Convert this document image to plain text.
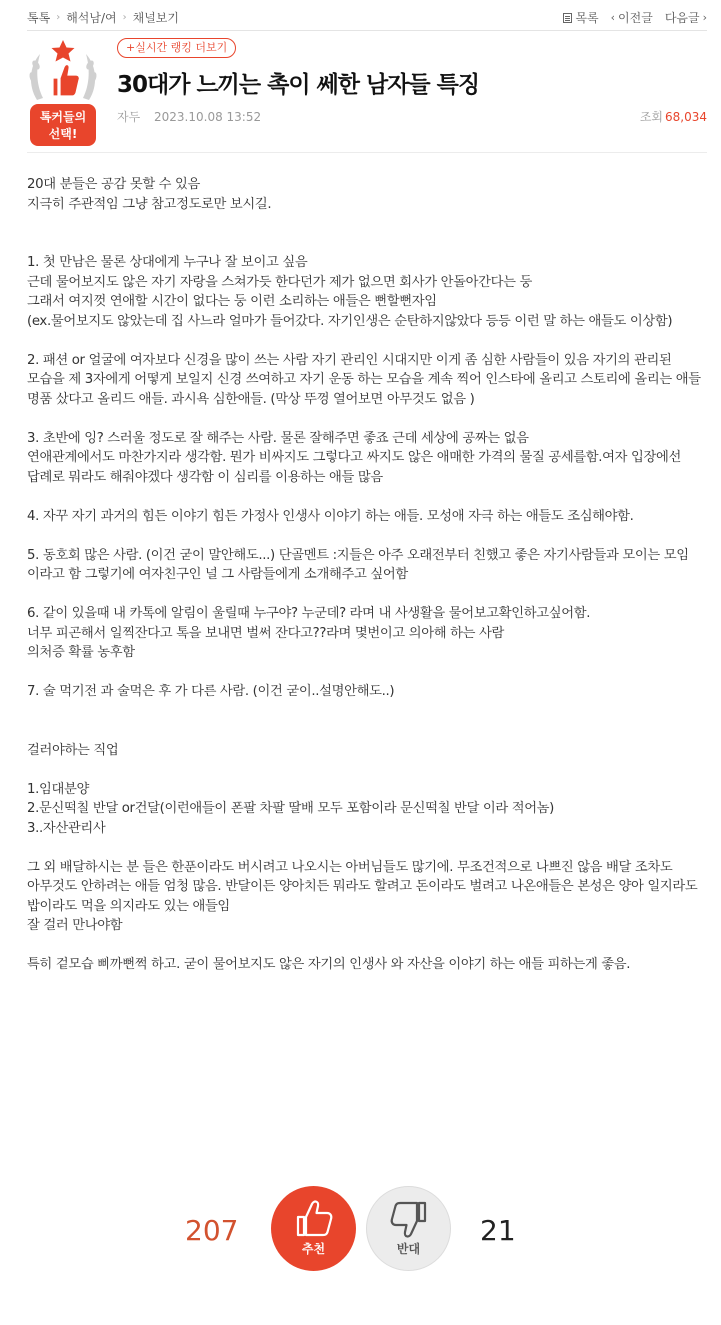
톡톡 › 해석남/여 › 채널보기	목록 ‹ 이전글 다음글 ›
톡커들의
선택!
+실시간 랭킹 더보기
30대가 느끼는 촉이 쎄한 남자들 특징
자두 2023.10.08 13:52	조회 68,034
20대 분들은 공감 못할 수 있음
지극히 주관적임 그냥 참고정도로만 보시길.

1. 첫 만남은 물론 상대에게 누구나 잘 보이고 싶음
근데 물어보지도 않은 자기 자랑을 스쳐가듯 한다던가 제가 없으면 회사가 안돌아간다는 둥
그래서 여지껏 연애할 시간이 없다는 둥 이런 소리하는 애들은 뻔할뻔자임
(ex.물어보지도 않았는데 집 사느라 얼마가 들어갔다. 자기인생은 순탄하지않았다 등등 이런 말 하는 애들도 이상함)

2. 패션 or 얼굴에 여자보다 신경을 많이 쓰는 사람 자기 관리인 시대지만 이게 좀 심한 사람들이 있음 자기의 관리된 모습을 제 3자에게 어떻게 보일지 신경 쓰여하고 자기 운동 하는 모습을 계속 찍어 인스타에 올리고 스토리에 올리는 애들 명품 샀다고 올리드 애들. 과시욕 심한애들. (막상 뚜껑 열어보면 아무것도 없음 )

3. 초반에 잉? 스러울 정도로 잘 해주는 사람. 물론 잘해주면 좋죠 근데 세상에 공짜는 없음
연애관계에서도 마찬가지라 생각함. 뭔가 비싸지도 그렇다고 싸지도 않은 애매한 가격의 물질 공세를함.여자 입장에선 답례로 뭐라도 해줘야겠다 생각함 이 심리를 이용하는 애들 많음

4. 자꾸 자기 과거의 힘든 이야기 힘든 가정사 인생사 이야기 하는 애들. 모성애 자극 하는 애들도 조심해야함.

5. 동호회 많은 사람. (이건 굳이 말안해도...) 단골멘트 :지들은 아주 오래전부터 친했고 좋은 자기사람들과 모이는 모임 이라고 함 그렇기에 여자친구인 널 그 사람들에게 소개해주고 싶어함

6. 같이 있을때 내 카톡에 알림이 울릴때 누구야? 누군데? 라며 내 사생활을 물어보고확인하고싶어함.
너무 피곤해서 일찍잔다고 톡을 보내면 벌써 잔다고??라며 몇번이고 의아해 하는 사람
의처증 확률 농후함

7. 술 먹기전 과 술먹은 후 가 다른 사람. (이건 굳이..설명안해도..)

걸러야하는 직업

1.임대분양
2.문신떡칠 반달 or건달(이런애들이 폰팔 차팔 딸배 모두 포함이라 문신떡칠 반달 이라 적어놈)
3..자산관리사

그 외 배달하시는 분 들은 한푼이라도 버시려고 나오시는 아버님들도 많기에. 무조건적으로 나쁘진 않음 배달 조차도 아무것도 안하려는 애들 엄청 많음. 반달이든 양아치든 뭐라도 할려고 돈이라도 벌려고 나온애들은 본성은 양아 일지라도 밥이라도 먹을 의지라도 있는 애들임
잘 걸러 만나야함

특히 겉모습 삐까뻔쩍 하고. 굳이 물어보지도 않은 자기의 인생사 와 자산을 이야기 하는 애들 피하는게 좋음.
207
추천	반대
21
